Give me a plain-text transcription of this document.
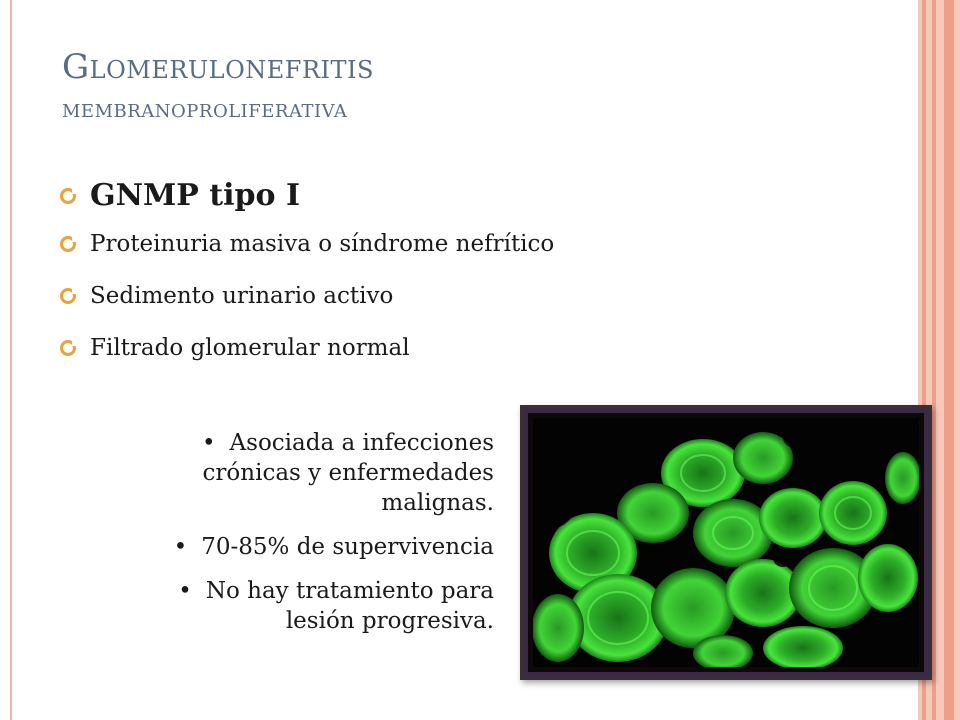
Glomerulonefritis
membranoproliferativa
GNMP tipo I
Proteinuria masiva o síndrome nefrítico
Sedimento urinario activo
Filtrado glomerular normal
• Asociada a infecciones
crónicas y enfermedades
malignas.
• 70-85% de supervivencia
• No hay tratamiento para
lesión progresiva.
